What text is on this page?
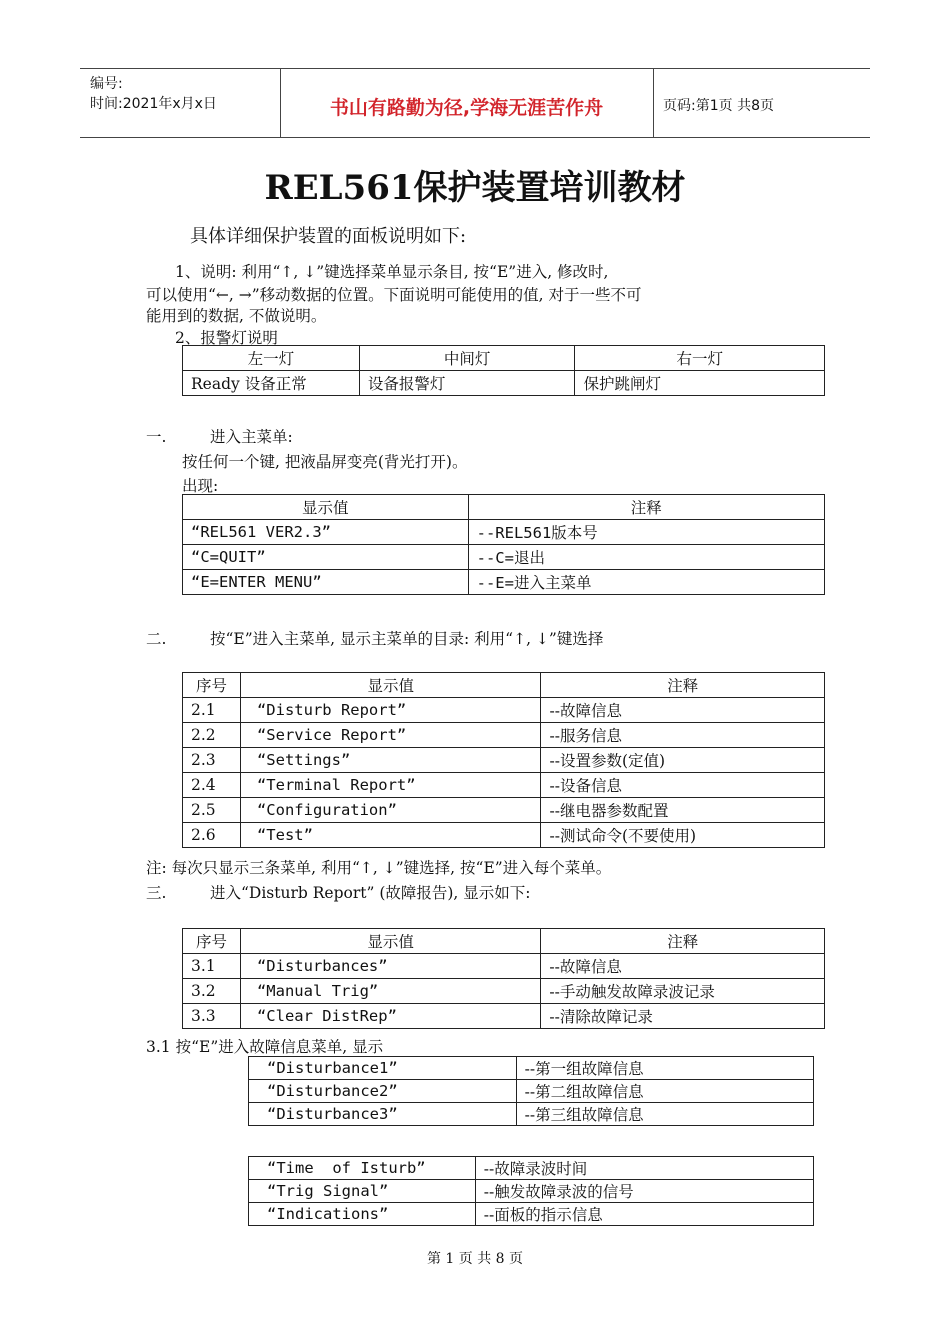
编号:
时间:2021年x月x日	书山有路勤为径,学海无涯苦作舟	页码:第1页 共8页
REL561保护装置培训教材
具体详细保护装置的面板说明如下:
1、说明: 利用“↑, ↓”键选择菜单显示条目, 按“E”进入, 修改时,
可以使用“←, →”移动数据的位置。下面说明可能使用的值, 对于一些不可
能用到的数据, 不做说明。
2、报警灯说明
左一灯	中间灯	右一灯
Ready 设备正常	设备报警灯	保护跳闸灯
一.	进入主菜单:
按任何一个键, 把液晶屏变亮(背光打开)。
出现:
显示值	注释
“REL561 VER2.3”	--REL561版本号
“C=QUIT”	--C=退出
“E=ENTER MENU”	--E=进入主菜单
二.	按“E”进入主菜单, 显示主菜单的目录: 利用“↑, ↓”键选择
序号	显示值	注释
2.1	“Disturb Report”	--故障信息
2.2	“Service Report”	--服务信息
2.3	“Settings”	--设置参数(定值)
2.4	“Terminal Report”	--设备信息
2.5	“Configuration”	--继电器参数配置
2.6	“Test”	--测试命令(不要使用)
注: 每次只显示三条菜单, 利用“↑, ↓”键选择, 按“E”进入每个菜单。
三.	进入“Disturb Report” (故障报告), 显示如下:
序号	显示值	注释
3.1	“Disturbances”	--故障信息
3.2	“Manual Trig”	--手动触发故障录波记录
3.3	“Clear DistRep”	--清除故障记录
3.1 按“E”进入故障信息菜单, 显示
“Disturbance1”	--第一组故障信息
“Disturbance2”	--第二组故障信息
“Disturbance3”	--第三组故障信息
“Time  of Isturb”	--故障录波时间
“Trig Signal”	--触发故障录波的信号
“Indications”	--面板的指示信息
第 1 页 共 8 页
